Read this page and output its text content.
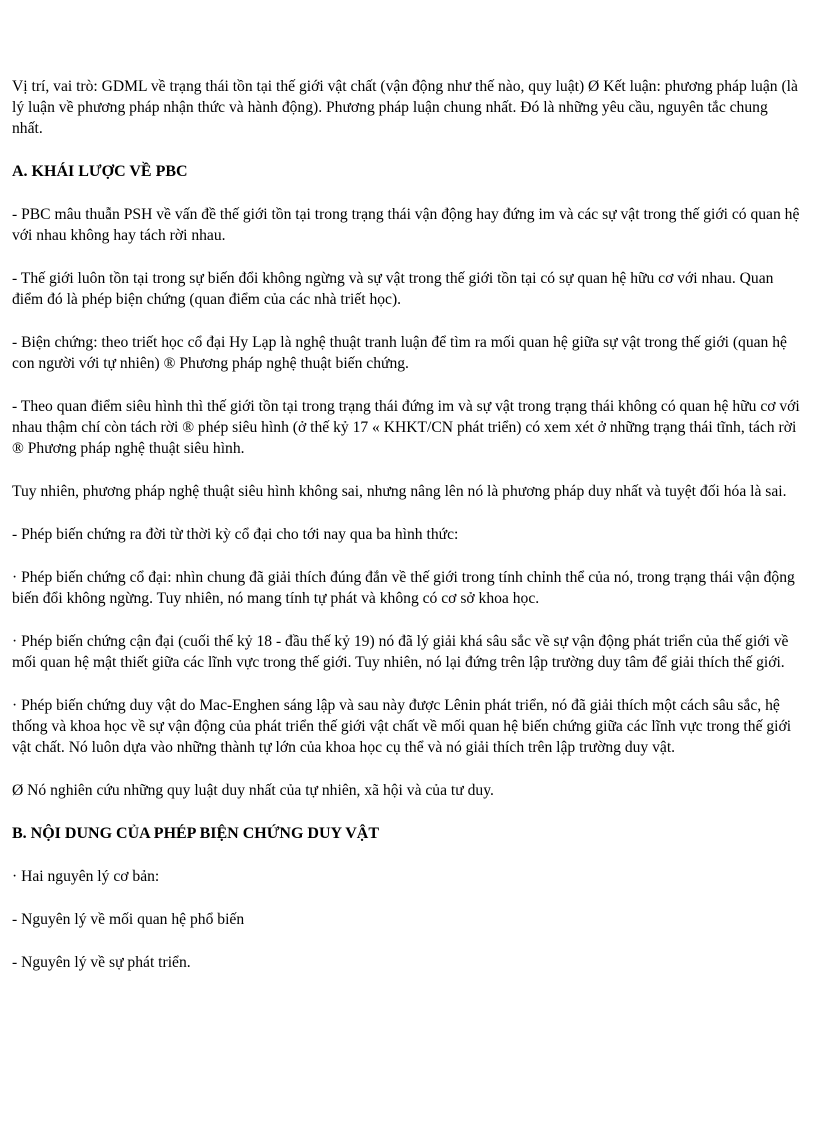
Vị trí, vai trò: GDML về trạng thái tồn tại thế giới vật chất (vận động như thế nào, quy luật) Ø Kết luận: phương pháp luận (là lý luận về phương pháp nhận thức và hành động). Phương pháp luận chung nhất. Đó là những yêu cầu, nguyên tắc chung nhất.

A. KHÁI LƯỢC VỀ PBC

- PBC mâu thuẫn PSH về vấn đề thế giới tồn tại trong trạng thái vận động hay đứng im và các sự vật trong thế giới có quan hệ với nhau không hay tách rời nhau.

- Thế giới luôn tồn tại trong sự biến đổi không ngừng và sự vật trong thế giới tồn tại có sự quan hệ hữu cơ với nhau. Quan điểm đó là phép biện chứng (quan điểm của các nhà triết học).

- Biện chứng: theo triết học cổ đại Hy Lạp là nghệ thuật tranh luận để tìm ra mối quan hệ giữa sự vật trong thế giới (quan hệ con người với tự nhiên) ® Phương pháp nghệ thuật biến chứng.

- Theo quan điểm siêu hình thì thế giới tồn tại trong trạng thái đứng im và sự vật trong trạng thái không có quan hệ hữu cơ với nhau thậm chí còn tách rời ® phép siêu hình (ở thế kỷ 17 « KHKT/CN phát triển) có xem xét ở những trạng thái tĩnh, tách rời ® Phương pháp nghệ thuật siêu hình.

Tuy nhiên, phương pháp nghệ thuật siêu hình không sai, nhưng nâng lên nó là phương pháp duy nhất và tuyệt đối hóa là sai.

- Phép biến chứng ra đời từ thời kỳ cổ đại cho tới nay qua ba hình thức:

· Phép biến chứng cổ đại: nhìn chung đã giải thích đúng đắn về thế giới trong tính chỉnh thể của nó, trong trạng thái vận động biến đổi không ngừng. Tuy nhiên, nó mang tính tự phát và không có cơ sở khoa học.

· Phép biến chứng cận đại (cuối thế kỷ 18 - đầu thế kỷ 19) nó đã lý giải khá sâu sắc về sự vận động phát triển của thế giới về mối quan hệ mật thiết giữa các lĩnh vực trong thế giới. Tuy nhiên, nó lại đứng trên lập trường duy tâm để giải thích thế giới.

· Phép biến chứng duy vật do Mac-Enghen sáng lập và sau này được Lênin phát triển, nó đã giải thích một cách sâu sắc, hệ thống và khoa học về sự vận động của phát triển thế giới vật chất về mối quan hệ biến chứng giữa các lĩnh vực trong thế giới vật chất. Nó luôn dựa vào những thành tự lớn của khoa học cụ thể và nó giải thích trên lập trường duy vật.

Ø Nó nghiên cứu những quy luật duy nhất của tự nhiên, xã hội và của tư duy.

B. NỘI DUNG CỦA PHÉP BIỆN CHỨNG DUY VẬT

· Hai nguyên lý cơ bản:

- Nguyên lý về mối quan hệ phổ biến

- Nguyên lý về sự phát triển.
